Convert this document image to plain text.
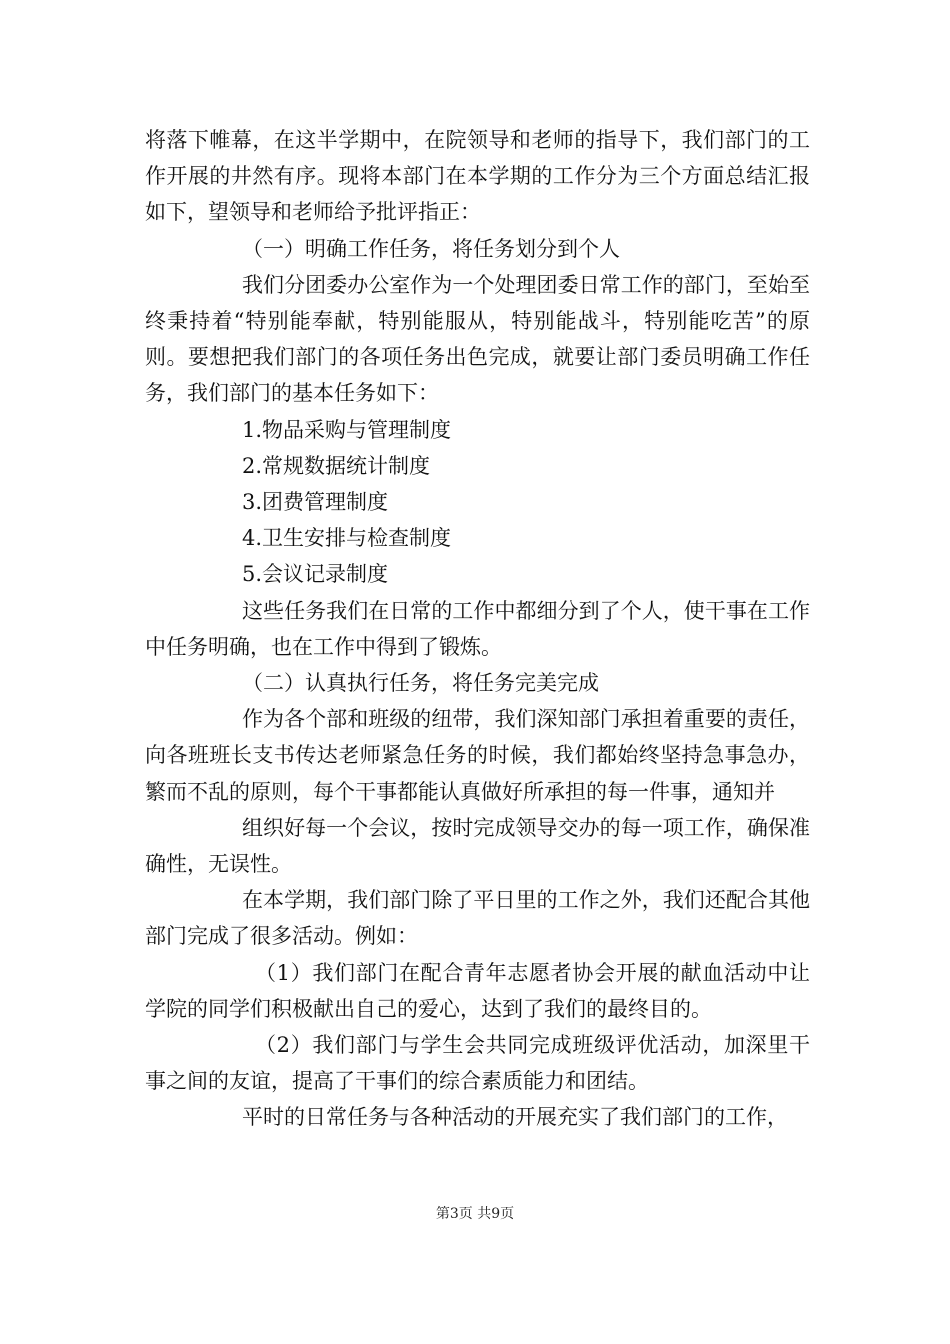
将落下帷幕，在这半学期中，在院领导和老师的指导下，我们部门的工作开展的井然有序。现将本部门在本学期的工作分为三个方面总结汇报如下，望领导和老师给予批评指正：

（一）明确工作任务，将任务划分到个人

我们分团委办公室作为一个处理团委日常工作的部门，至始至终秉持着“特别能奉献，特别能服从，特别能战斗，特别能吃苦”的原则。要想把我们部门的各项任务出色完成，就要让部门委员明确工作任务，我们部门的基本任务如下：

1.物品采购与管理制度

2.常规数据统计制度

3.团费管理制度

4.卫生安排与检查制度

5.会议记录制度

这些任务我们在日常的工作中都细分到了个人，使干事在工作中任务明确，也在工作中得到了锻炼。

（二）认真执行任务，将任务完美完成

作为各个部和班级的纽带，我们深知部门承担着重要的责任，向各班班长支书传达老师紧急任务的时候，我们都始终坚持急事急办，繁而不乱的原则，每个干事都能认真做好所承担的每一件事，通知并

组织好每一个会议，按时完成领导交办的每一项工作，确保准确性，无误性。

在本学期，我们部门除了平日里的工作之外，我们还配合其他部门完成了很多活动。例如：

（1）我们部门在配合青年志愿者协会开展的献血活动中让学院的同学们积极献出自己的爱心，达到了我们的最终目的。

（2）我们部门与学生会共同完成班级评优活动，加深里干事之间的友谊，提高了干事们的综合素质能力和团结。

平时的日常任务与各种活动的开展充实了我们部门的工作，

第3页 共9页
